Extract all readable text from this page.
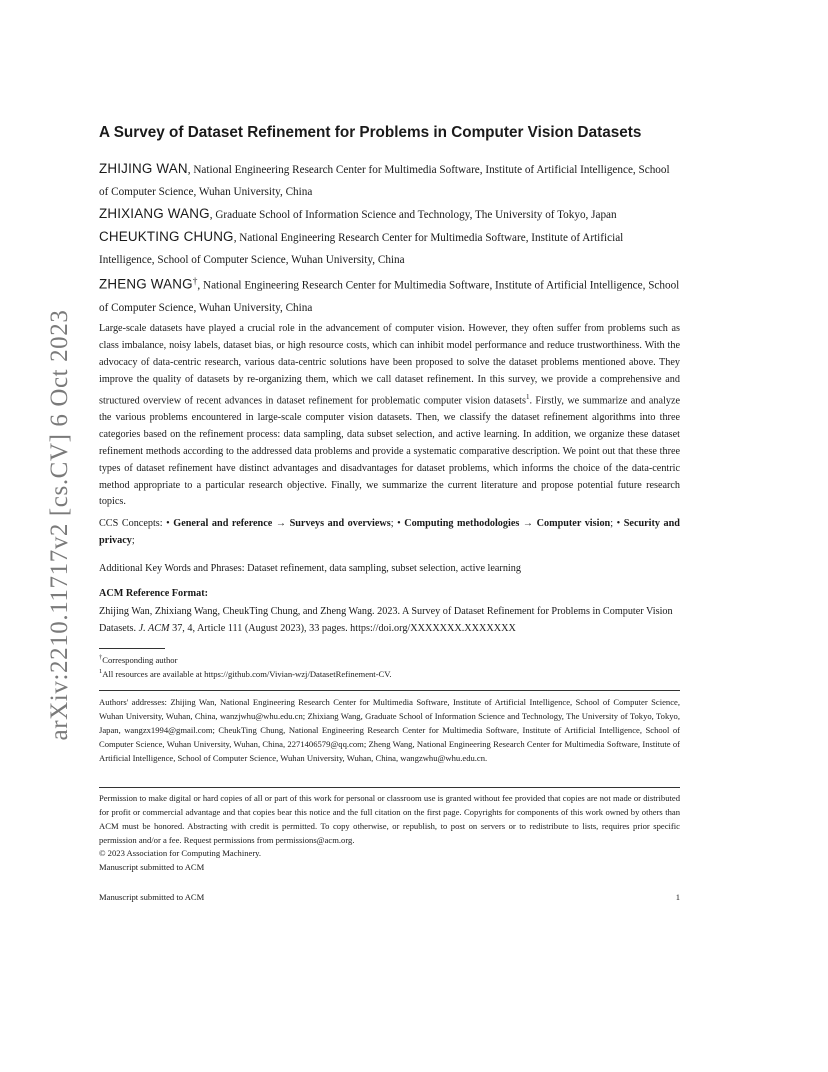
arXiv:2210.11717v2 [cs.CV] 6 Oct 2023
A Survey of Dataset Refinement for Problems in Computer Vision Datasets

ZHIJING WAN, National Engineering Research Center for Multimedia Software, Institute of Artificial Intelligence, School of Computer Science, Wuhan University, China

ZHIXIANG WANG, Graduate School of Information Science and Technology, The University of Tokyo, Japan

CHEUKTING CHUNG, National Engineering Research Center for Multimedia Software, Institute of Artificial Intelligence, School of Computer Science, Wuhan University, China

ZHENG WANG†, National Engineering Research Center for Multimedia Software, Institute of Artificial Intelligence, School of Computer Science, Wuhan University, China

Large-scale datasets have played a crucial role in the advancement of computer vision. However, they often suffer from problems such as class imbalance, noisy labels, dataset bias, or high resource costs, which can inhibit model performance and reduce trustworthiness. With the advocacy of data-centric research, various data-centric solutions have been proposed to solve the dataset problems mentioned above. They improve the quality of datasets by re-organizing them, which we call dataset refinement. In this survey, we provide a comprehensive and structured overview of recent advances in dataset refinement for problematic computer vision datasets$^1$. Firstly, we summarize and analyze the various problems encountered in large-scale computer vision datasets. Then, we classify the dataset refinement algorithms into three categories based on the refinement process: data sampling, data subset selection, and active learning. In addition, we organize these dataset refinement methods according to the addressed data problems and provide a systematic comparative description. We point out that these three types of dataset refinement have distinct advantages and disadvantages for dataset problems, which informs the choice of the data-centric method appropriate to a particular research objective. Finally, we summarize the current literature and propose potential future research topics.

CCS Concepts: • General and reference → Surveys and overviews; • Computing methodologies → Computer vision; • Security and privacy;

Additional Key Words and Phrases: Dataset refinement, data sampling, subset selection, active learning

ACM Reference Format:

Zhijing Wan, Zhixiang Wang, CheukTing Chung, and Zheng Wang. 2023. A Survey of Dataset Refinement for Problems in Computer Vision Datasets. J. ACM 37, 4, Article 111 (August 2023), 33 pages. https://doi.org/XXXXXXX.XXXXXXX

†Corresponding author
$^1$All resources are available at https://github.com/Vivian-wzj/DatasetRefinement-CV.

Authors' addresses: Zhijing Wan, National Engineering Research Center for Multimedia Software, Institute of Artificial Intelligence, School of Computer Science, Wuhan University, Wuhan, China, wanzjwhu@whu.edu.cn; Zhixiang Wang, Graduate School of Information Science and Technology, The University of Tokyo, Tokyo, Japan, wangzx1994@gmail.com; CheukTing Chung, National Engineering Research Center for Multimedia Software, Institute of Artificial Intelligence, School of Computer Science, Wuhan University, Wuhan, China, 2271406579@qq.com; Zheng Wang, National Engineering Research Center for Multimedia Software, Institute of Artificial Intelligence, School of Computer Science, Wuhan University, Wuhan, China, wangzwhu@whu.edu.cn.

Permission to make digital or hard copies of all or part of this work for personal or classroom use is granted without fee provided that copies are not made or distributed for profit or commercial advantage and that copies bear this notice and the full citation on the first page. Copyrights for components of this work owned by others than ACM must be honored. Abstracting with credit is permitted. To copy otherwise, or republish, to post on servers or to redistribute to lists, requires prior specific permission and/or a fee. Request permissions from permissions@acm.org.

© 2023 Association for Computing Machinery.

Manuscript submitted to ACM

Manuscript submitted to ACM	1
